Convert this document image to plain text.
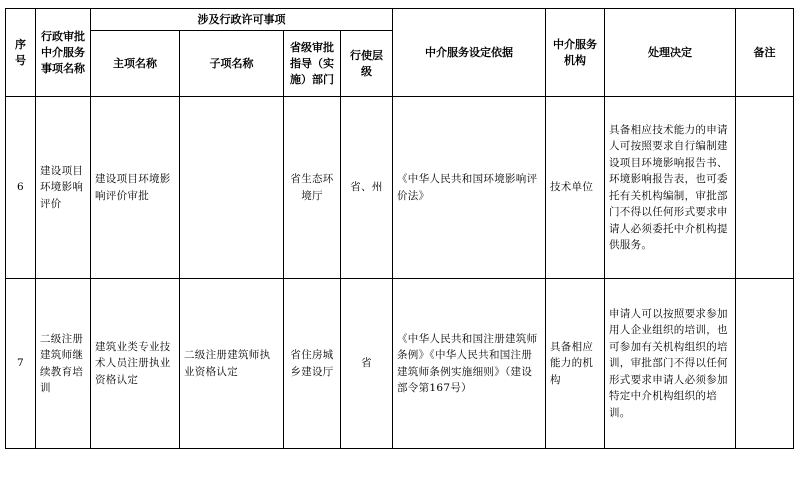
序号	行政审批中介服务事项名称	涉及行政许可事项				中介服务设定依据	中介服务机构	处理决定	备注
		主项名称	子项名称	省级审批指导（实施）部门	行使层级				
6	建设项目环境影响评价	建设项目环境影响评价审批		省生态环境厅	省、州	《中华人民共和国环境影响评价法》	技术单位	具备相应技术能力的申请人可按照要求自行编制建设项目环境影响报告书、环境影响报告表，也可委托有关机构编制，审批部门不得以任何形式要求申请人必须委托中介机构提供服务。	
7	二级注册建筑师继续教育培训	建筑业类专业技术人员注册执业资格认定	二级注册建筑师执业资格认定	省住房城乡建设厅	省	《中华人民共和国注册建筑师条例》《中华人民共和国注册建筑师条例实施细则》（建设部令第167号）	具备相应能力的机构	申请人可以按照要求参加用人企业组织的培训，也可参加有关机构组织的培训，审批部门不得以任何形式要求申请人必须参加特定中介机构组织的培训。	
